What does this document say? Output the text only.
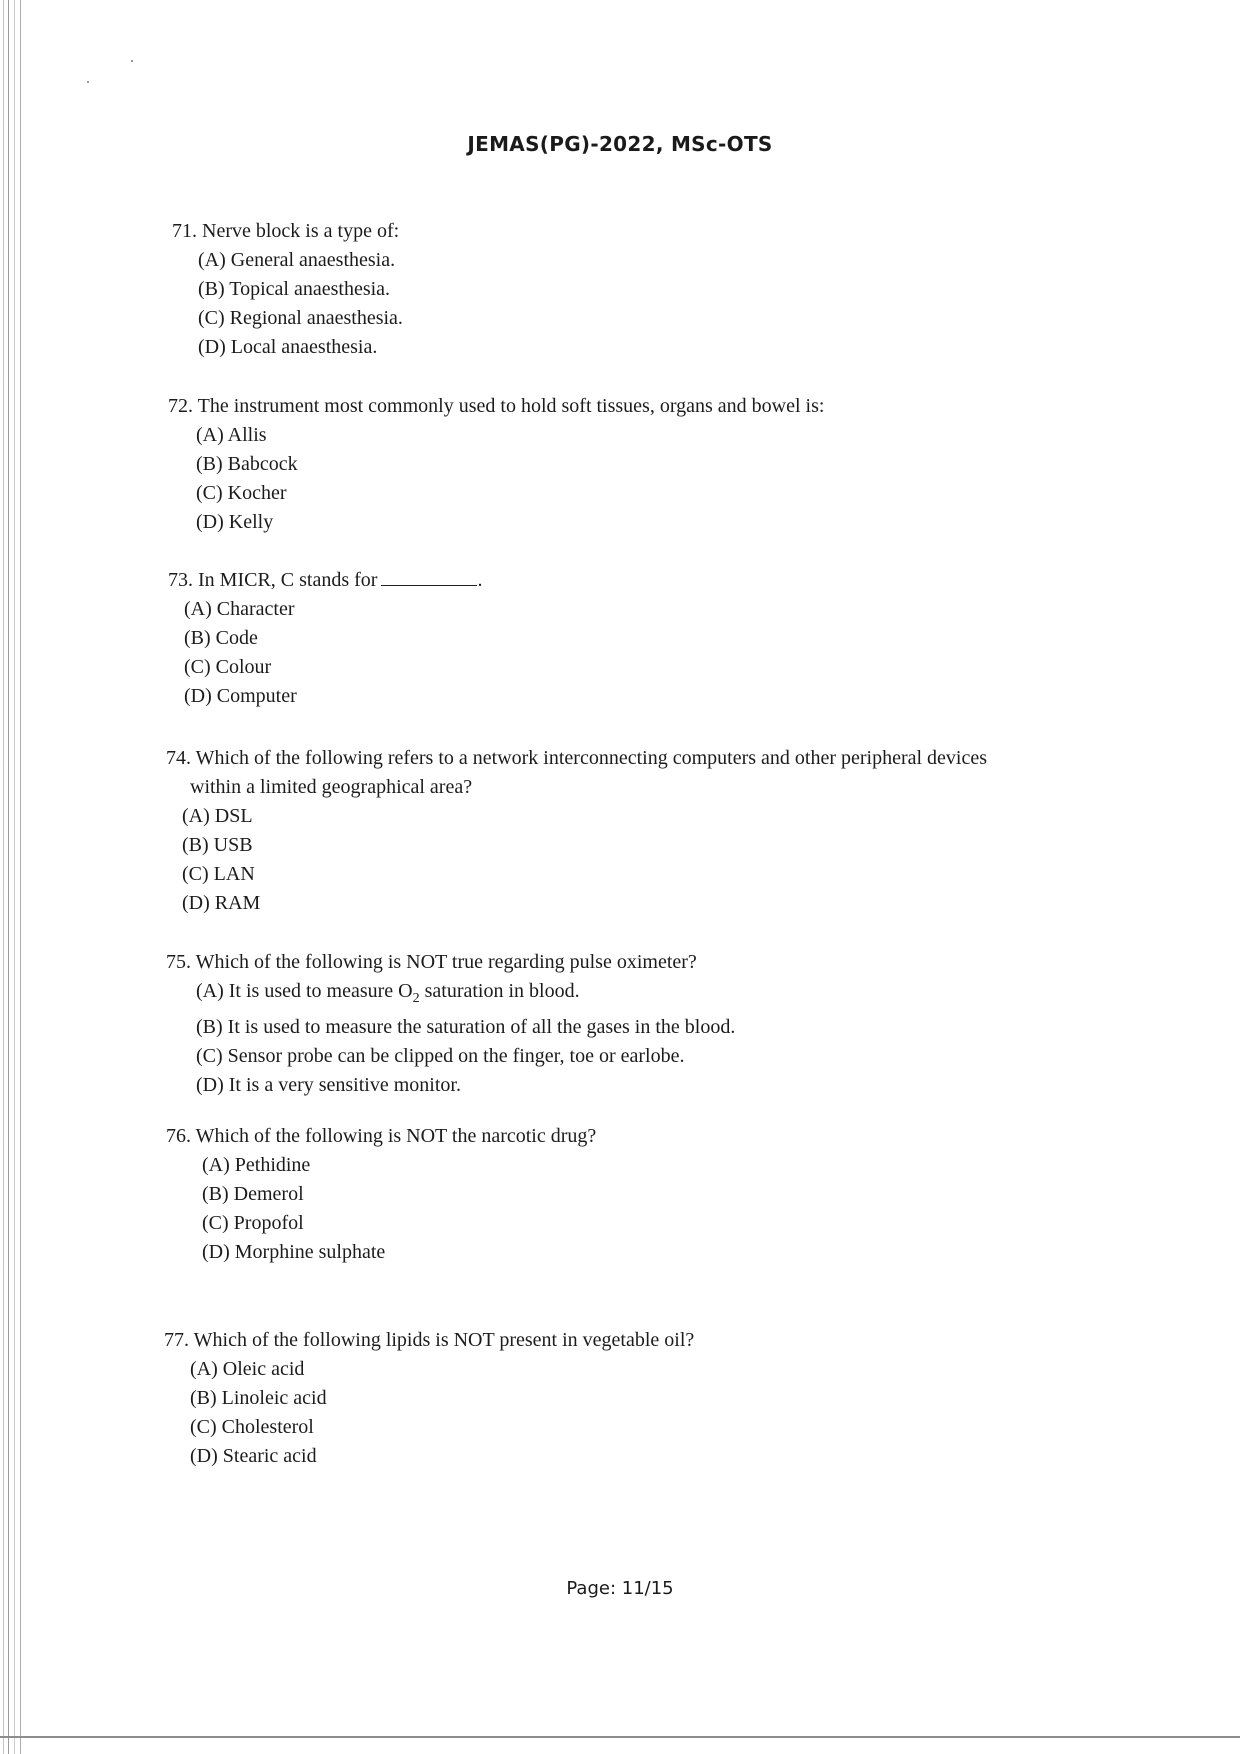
JEMAS(PG)-2022, MSc-OTS
71. Nerve block is a type of:
(A) General anaesthesia.
(B) Topical anaesthesia.
(C) Regional anaesthesia.
(D) Local anaesthesia.
72. The instrument most commonly used to hold soft tissues, organs and bowel is:
(A) Allis
(B) Babcock
(C) Kocher
(D) Kelly
73. In MICR, C stands for	.
(A) Character
(B) Code
(C) Colour
(D) Computer
74. Which of the following refers to a network interconnecting computers and other peripheral devices
within a limited geographical area?
(A) DSL
(B) USB
(C) LAN
(D) RAM
75. Which of the following is NOT true regarding pulse oximeter?
(A) It is used to measure $O_2$ saturation in blood.
(B) It is used to measure the saturation of all the gases in the blood.
(C) Sensor probe can be clipped on the finger, toe or earlobe.
(D) It is a very sensitive monitor.
76. Which of the following is NOT the narcotic drug?
(A) Pethidine
(B) Demerol
(C) Propofol
(D) Morphine sulphate
77. Which of the following lipids is NOT present in vegetable oil?
(A) Oleic acid
(B) Linoleic acid
(C) Cholesterol
(D) Stearic acid
Page: 11/15
